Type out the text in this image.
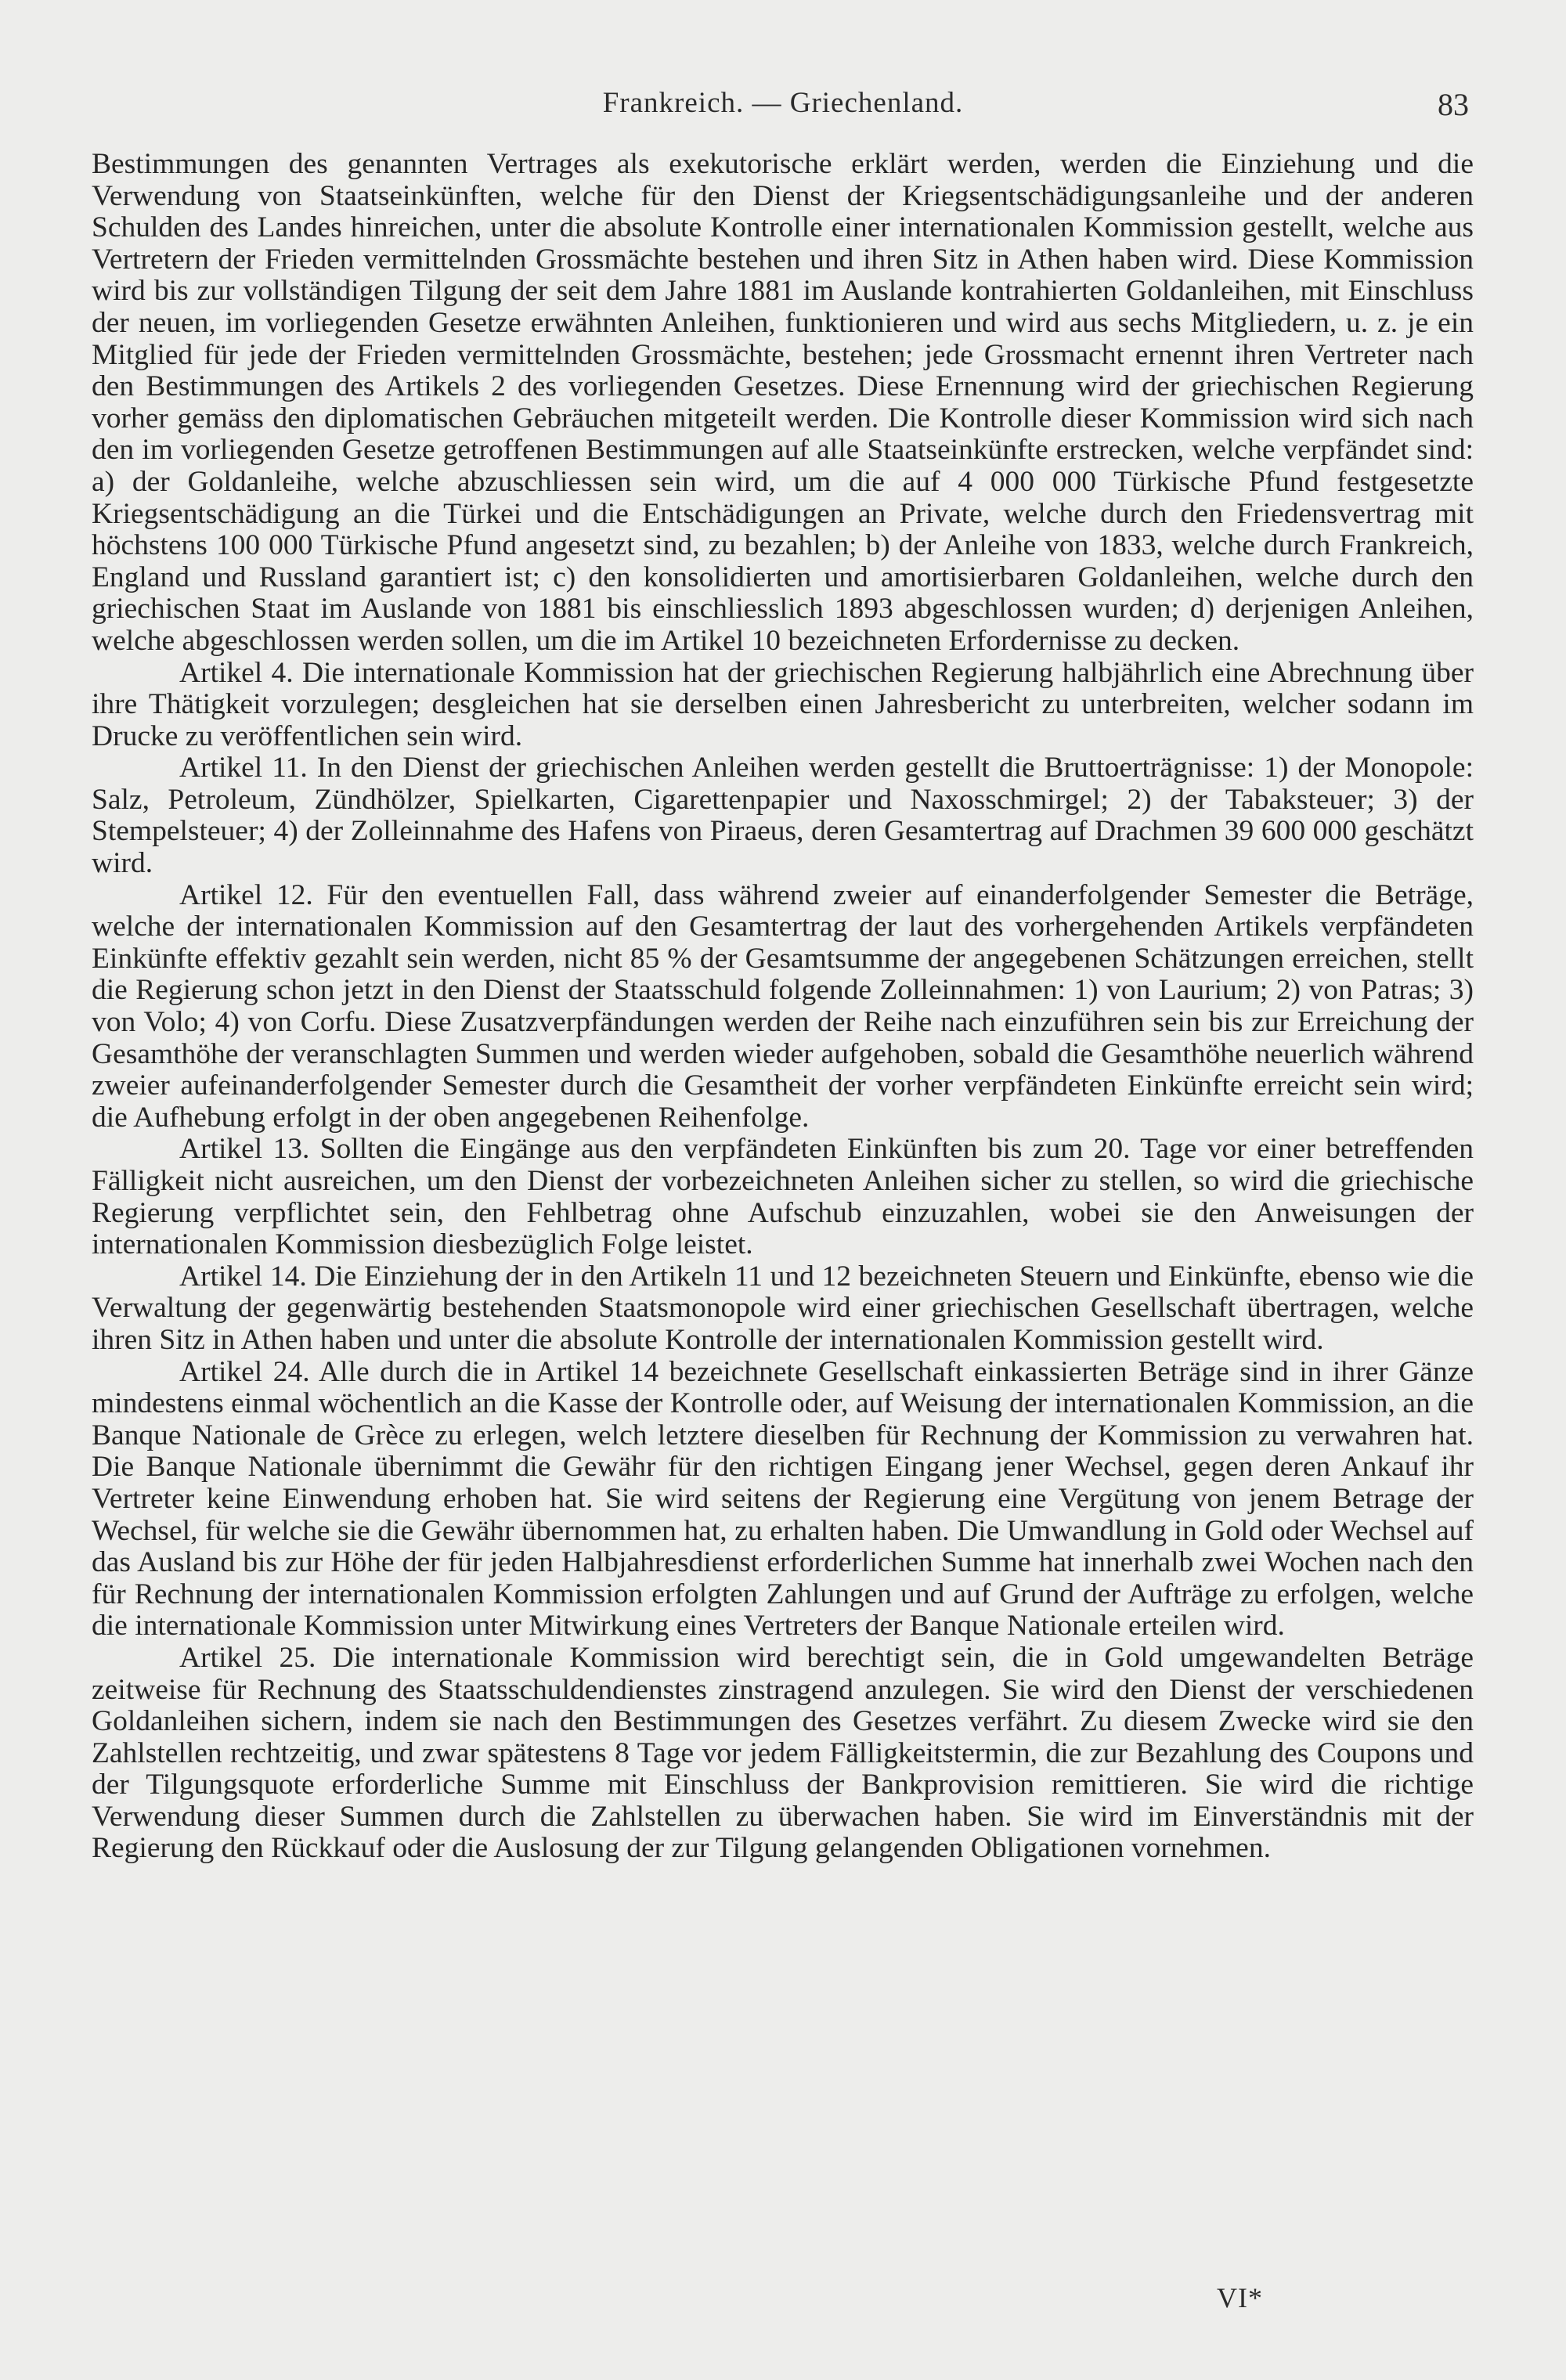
Frankreich. — Griechenland.	83

Bestimmungen des genannten Vertrages als exekutorische erklärt werden, werden die Einziehung und die Verwendung von Staatseinkünften, welche für den Dienst der Kriegsentschädigungsanleihe und der anderen Schulden des Landes hinreichen, unter die absolute Kontrolle einer internationalen Kommission gestellt, welche aus Vertretern der Frieden vermittelnden Grossmächte bestehen und ihren Sitz in Athen haben wird. Diese Kommission wird bis zur vollständigen Tilgung der seit dem Jahre 1881 im Auslande kontrahierten Goldanleihen, mit Einschluss der neuen, im vorliegenden Gesetze erwähnten Anleihen, funktionieren und wird aus sechs Mitgliedern, u. z. je ein Mitglied für jede der Frieden vermittelnden Grossmächte, bestehen; jede Grossmacht ernennt ihren Vertreter nach den Bestimmungen des Artikels 2 des vorliegenden Gesetzes. Diese Ernennung wird der griechischen Regierung vorher gemäss den diplomatischen Gebräuchen mitgeteilt werden. Die Kontrolle dieser Kommission wird sich nach den im vorliegenden Gesetze getroffenen Bestimmungen auf alle Staatseinkünfte erstrecken, welche verpfändet sind: a) der Goldanleihe, welche abzuschliessen sein wird, um die auf 4 000 000 Türkische Pfund festgesetzte Kriegsentschädigung an die Türkei und die Entschädigungen an Private, welche durch den Friedensvertrag mit höchstens 100 000 Türkische Pfund angesetzt sind, zu bezahlen; b) der Anleihe von 1833, welche durch Frankreich, England und Russland garantiert ist; c) den konsolidierten und amortisierbaren Goldanleihen, welche durch den griechischen Staat im Auslande von 1881 bis einschliesslich 1893 abgeschlossen wurden; d) derjenigen Anleihen, welche abgeschlossen werden sollen, um die im Artikel 10 bezeichneten Erfordernisse zu decken.

Artikel 4. Die internationale Kommission hat der griechischen Regierung halbjährlich eine Abrechnung über ihre Thätigkeit vorzulegen; desgleichen hat sie derselben einen Jahresbericht zu unterbreiten, welcher sodann im Drucke zu veröffentlichen sein wird.

Artikel 11. In den Dienst der griechischen Anleihen werden gestellt die Bruttoerträgnisse: 1) der Monopole: Salz, Petroleum, Zündhölzer, Spielkarten, Cigarettenpapier und Naxosschmirgel; 2) der Tabaksteuer; 3) der Stempelsteuer; 4) der Zolleinnahme des Hafens von Piraeus, deren Gesamtertrag auf Drachmen 39 600 000 geschätzt wird.

Artikel 12. Für den eventuellen Fall, dass während zweier auf einanderfolgender Semester die Beträge, welche der internationalen Kommission auf den Gesamtertrag der laut des vorhergehenden Artikels verpfändeten Einkünfte effektiv gezahlt sein werden, nicht 85 % der Gesamtsumme der angegebenen Schätzungen erreichen, stellt die Regierung schon jetzt in den Dienst der Staatsschuld folgende Zolleinnahmen: 1) von Laurium; 2) von Patras; 3) von Volo; 4) von Corfu. Diese Zusatzverpfändungen werden der Reihe nach einzuführen sein bis zur Erreichung der Gesamthöhe der veranschlagten Summen und werden wieder aufgehoben, sobald die Gesamthöhe neuerlich während zweier aufeinanderfolgender Semester durch die Gesamtheit der vorher verpfändeten Einkünfte erreicht sein wird; die Aufhebung erfolgt in der oben angegebenen Reihenfolge.

Artikel 13. Sollten die Eingänge aus den verpfändeten Einkünften bis zum 20. Tage vor einer betreffenden Fälligkeit nicht ausreichen, um den Dienst der vorbezeichneten Anleihen sicher zu stellen, so wird die griechische Regierung verpflichtet sein, den Fehlbetrag ohne Aufschub einzuzahlen, wobei sie den Anweisungen der internationalen Kommission diesbezüglich Folge leistet.

Artikel 14. Die Einziehung der in den Artikeln 11 und 12 bezeichneten Steuern und Einkünfte, ebenso wie die Verwaltung der gegenwärtig bestehenden Staatsmonopole wird einer griechischen Gesellschaft übertragen, welche ihren Sitz in Athen haben und unter die absolute Kontrolle der internationalen Kommission gestellt wird.

Artikel 24. Alle durch die in Artikel 14 bezeichnete Gesellschaft einkassierten Beträge sind in ihrer Gänze mindestens einmal wöchentlich an die Kasse der Kontrolle oder, auf Weisung der internationalen Kommission, an die Banque Nationale de Grèce zu erlegen, welch letztere dieselben für Rechnung der Kommission zu verwahren hat. Die Banque Nationale übernimmt die Gewähr für den richtigen Eingang jener Wechsel, gegen deren Ankauf ihr Vertreter keine Einwendung erhoben hat. Sie wird seitens der Regierung eine Vergütung von jenem Betrage der Wechsel, für welche sie die Gewähr übernommen hat, zu erhalten haben. Die Umwandlung in Gold oder Wechsel auf das Ausland bis zur Höhe der für jeden Halbjahresdienst erforderlichen Summe hat innerhalb zwei Wochen nach den für Rechnung der internationalen Kommission erfolgten Zahlungen und auf Grund der Aufträge zu erfolgen, welche die internationale Kommission unter Mitwirkung eines Vertreters der Banque Nationale erteilen wird.

Artikel 25. Die internationale Kommission wird berechtigt sein, die in Gold umgewandelten Beträge zeitweise für Rechnung des Staatsschuldendienstes zinstragend anzulegen. Sie wird den Dienst der verschiedenen Goldanleihen sichern, indem sie nach den Bestimmungen des Gesetzes verfährt. Zu diesem Zwecke wird sie den Zahlstellen rechtzeitig, und zwar spätestens 8 Tage vor jedem Fälligkeitstermin, die zur Bezahlung des Coupons und der Tilgungsquote erforderliche Summe mit Einschluss der Bankprovision remittieren. Sie wird die richtige Verwendung dieser Summen durch die Zahlstellen zu überwachen haben. Sie wird im Einverständnis mit der Regierung den Rückkauf oder die Auslosung der zur Tilgung gelangenden Obligationen vornehmen.

VI*
